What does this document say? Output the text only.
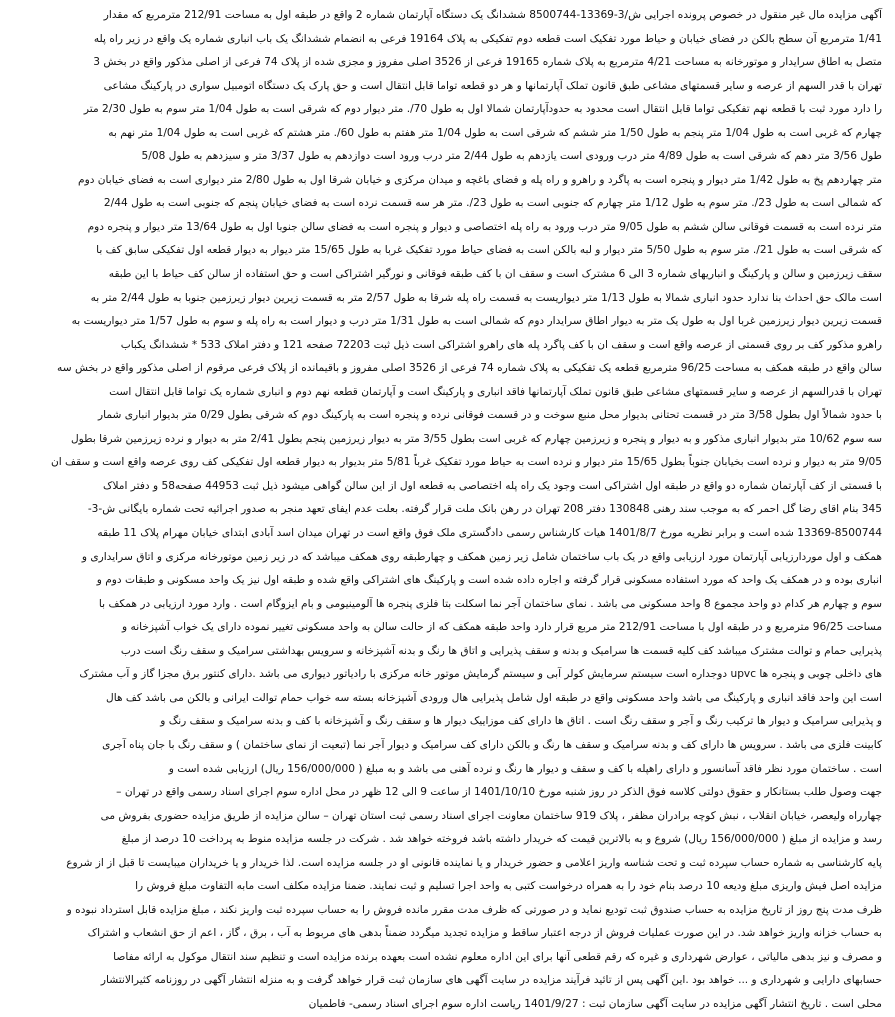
آگهی مزایده مال غیر منقول در خصوص پرونده اجرایی ش/3-13369-8500744 ششدانگ یک دستگاه آپارتمان شماره 2 واقع در طبقه اول به مساحت 212/91 مترمربع که مقدار
1/41 مترمربع آن سطح بالکن در فضای خیابان و حیاط مورد تفکیک است قطعه دوم تفکیکی به پلاک 19164 فرعی به انضمام ششدانگ یک باب انباری شماره یک واقع در زیر راه پله
متصل به اطاق سرایدار و موتورخانه به مساحت 4/21 مترمربع به پلاک شماره 19165 فرعی از 3526 اصلی مفروز و مجزی شده از پلاک 74 فرعی از اصلی مذکور واقع در بخش 3
تهران با قدر السهم از عرصه و سایر قسمتهای مشاعی طبق قانون تملک آپارتمانها و هر دو قطعه تواما قابل انتقال است و حق پارک یک دستگاه اتومبیل سواری در پارکینگ مشاعی
را دارد مورد ثبت با قطعه نهم تفکیکی تواما قابل انتقال است محدود به حدودآپارتمان شمالا اول به طول 70/. متر دیوار دوم که شرقی است به طول 1/04 متر سوم به طول 2/30 متر
چهارم که غربی است به طول 1/04 متر پنجم به طول 1/50 متر ششم که شرقی است به طول 1/04 متر هفتم به طول 60/. متر هشتم که غربی است به طول 1/04 متر نهم به
طول 3/56 متر دهم که شرقی است به طول 4/89 متر درب ورودی است یازدهم به طول 2/44 متر درب ورود است دوازدهم به طول 3/37 متر و سیزدهم به طول 5/08
متر چهاردهم پخ به طول 1/42 متر دیوار و پنجره است به پاگرد و راهرو و راه پله و فضای باغچه و میدان مرکزی و خیابان شرقا اول به طول 2/80 متر دیواری است به فضای خیابان دوم
که شمالی است به طول 23/. متر سوم به طول 1/12 متر چهارم که جنوبی است به طول 23/. متر هر سه قسمت نرده است به فضای خیابان پنجم که جنوبی است به طول 2/44
متر نرده است به قسمت فوقانی سالن ششم به طول 9/05 متر درب ورود به راه پله اختصاصی و دیوار و پنجره است به فضای سالن جنوبا اول به طول 13/64 متر دیوار و پنجره دوم
که شرقی است به طول 21/. متر سوم به طول 5/50 متر دیوار و لبه بالکن است به فضای حیاط مورد تفکیک غربا به طول 15/65 متر دیوار به دیوار قطعه اول تفکیکی سابق کف با
سقف زیرزمین و سالن و پارکینگ و انباریهای شماره 3 الی 6 مشترک است و سقف ان با کف طبقه فوقانی و نورگیر اشتراکی است و حق استفاده از سالن کف حیاط با این طبقه
است مالک حق احداث بنا ندارد حدود انباری شمالا به طول 1/13 متر دیواریست به قسمت راه پله شرقا به طول 2/57 متر به قسمت زیرین دیوار زیرزمین جنوبا به طول 2/44 متر به
قسمت زیرین دیوار زیرزمین غربا اول به طول یک متر به دیوار اطاق سرایدار دوم که شمالی است به طول 1/31 متر درب و دیوار است به راه پله و سوم به طول 1/57 متر دیواریست به
راهرو مذکور کف بر روی قسمتی از عرصه واقع است و سقف ان با کف پاگرد پله های راهرو اشتراکی است ذیل ثبت 72203 صفحه 121 و دفتر املاک 533 * ششدانگ یکباب
سالن واقع در طبقه همکف به مساحت 96/25 مترمربع قطعه یک تفکیکی به پلاک شماره 74 فرعی از 3526 اصلی مفروز و باقیمانده از پلاک فرعی مرقوم از اصلی مذکور واقع در بخش سه
تهران با قدرالسهم از عرصه و سایر قسمتهای مشاعی طبق قانون تملک آپارتمانها فاقد انباری و پارکینگ است و آپارتمان قطعه نهم دوم و انباری شماره یک تواما قابل انتقال است
با حدود شمالاً اول بطول 3/58 متر در قسمت تحتانی بدیوار محل منبع سوخت و در قسمت فوقانی نرده و پنجره است به پارکینگ دوم که شرقی بطول 0/29 متر بدیوار انباری شمار
سه سوم 10/62 متر بدیوار انباری مذکور و به دیوار و پنجره و زیرزمین چهارم که غربی است بطول 3/55 متر به دیوار زیرزمین پنجم بطول 2/41 متر به دیوار و نرده زیرزمین شرقا بطول
9/05 متر به دیوار و نرده است بخیابان جنوباً بطول 15/65 متر دیوار و نرده است به حیاط مورد تفکیک غرباً 5/81 متر بدیوار به دیوار قطعه اول تفکیکی کف روی عرصه واقع است و سقف ان
با قسمتی از کف آپارتمان شماره دو واقع در طبقه اول اشتراکی است وجود یک راه پله اختصاصی به قطعه اول از این سالن گواهی میشود ذیل ثبت 44953 صفحه58 و دفتر املاک
345 بنام اقای رضا گل احمر که به موجب سند رهنی 130848 دفتر 208 تهران در رهن بانک ملت قرار گرفته. بعلت عدم ایفای تعهد منجر به صدور اجرائیه تحت شماره بایگانی ش-3-
13369-8500744 شده است و برابر نظریه مورخ 1401/8/7 هیات کارشناس رسمی دادگستری ملک فوق واقع است در تهران میدان اسد آبادی ابتدای خیابان مهرام پلاک 11 طبقه
همکف و اول موردارزیابی آپارتمان مورد ارزیابی واقع در یک باب ساختمان شامل زیر زمین همکف و چهارطبقه روی همکف میباشد که در زیر زمین موتورخانه مرکزی و اتاق سرایداری و
انباری بوده و در همکف یک واحد که مورد استفاده مسکونی قرار گرفته و اجاره داده شده است و پارکینگ های اشتراکی واقع شده و طبقه اول نیز یک واحد مسکونی و طبقات دوم و
سوم و چهارم هر کدام دو واحد مجموع 8 واحد مسکونی می باشد . نمای ساختمان آجر نما اسکلت بتا فلزی پنجره ها آلومینیومی و بام ایزوگام است . وارد مورد ارزیابی در همکف با
مساحت 96/25 مترمربع و در طبقه اول با مساحت 212/91 متر مربع قرار دارد واحد طبقه همکف که از حالت سالن به واحد مسکونی تغییر نموده دارای یک خواب آشپزخانه و
پذیرایی حمام و توالت مشترک میباشد کف کلیه قسمت ها سرامیک و بدنه و سقف پذیرایی و اتاق ها رنگ و بدنه آشپزخانه و سرویس بهداشتی سرامیک و سقف رنگ است درب
های داخلی چوبی و پنجره ها upvc دوجداره است سیستم سرمایش کولر آبی و سیستم گرمایش موتور خانه مرکزی با رادیاتور دیواری می باشد .دارای کنتور برق مجزا گاز و آب مشترک
است این واحد فاقد انباری و پارکینگ می باشد واحد مسکونی واقع در طبقه اول شامل پذیرایی هال ورودی آشپزخانه بسته سه خواب حمام توالت ایرانی و بالکن می باشد کف هال
و پذیرایی سرامیک و دیوار ها ترکیب رنگ و آجر و سقف رنگ است . اتاق ها دارای کف موزاییک دیوار ها و سقف رنگ و آشپزخانه با کف و بدنه سرامیک و سقف رنگ و
کابینت فلزی می باشد . سرویس ها دارای کف و بدنه سرامیک و سقف ها رنگ و بالکن دارای کف سرامیک و دیوار آجر نما (تبعیت از نمای ساختمان ) و سقف رنگ با جان پناه آجری
است . ساختمان مورد نظر فاقد آسانسور و دارای راهپله با کف و سقف و دیوار ها رنگ و نرده آهنی می باشد و به مبلغ ( 156/000/000 ریال) ارزیابی شده است و
جهت وصول طلب بستانکار و حقوق دولتی کلاسه فوق الذکر در روز شنبه مورخ 1401/10/10 از ساعت 9 الی 12 ظهر در محل اداره سوم اجرای اسناد رسمی واقع در تهران –
چهارراه ولیعصر، خیابان انقلاب ، نبش کوچه برادران مظفر ، پلاک 919 ساختمان معاونت اجرای اسناد رسمی ثبت استان تهران – سالن مزایده از طریق مزایده حضوری بفروش می
رسد و مزایده از مبلغ ( 156/000/000 ریال) شروع و به بالاترین قیمت که خریدار داشته باشد فروخته خواهد شد . شرکت در جلسه مزایده منوط به پرداخت 10 درصد از مبلغ
پایه کارشناسی به شماره حساب سپرده ثبت و تحت شناسه واریز اعلامی و حضور خریدار و یا نماینده قانونی او در جلسه مزایده است. لذا خریدار و یا خریداران میبایست تا قبل از از شروع
مزایده اصل فیش واریزی مبلغ ودیعه 10 درصد بنام خود را به همراه درخواست کتبی به واحد اجرا تسلیم و ثبت نمایند. ضمنا مزایده مکلف است مابه التفاوت مبلغ فروش را
ظرف مدت پنج روز از تاریخ مزایده به حساب صندوق ثبت تودیع نماید و در صورتی که ظرف مدت مقرر مانده فروش را به حساب سپرده ثبت واریز نکند ، مبلغ مزایده قابل استرداد نبوده و
به حساب خزانه واریز خواهد شد. در این صورت عملیات فروش از درجه اعتبار ساقط و مزایده تجدید میگردد ضمناً بدهی های مربوط به آب ، برق ، گاز ، اعم از حق انشعاب و اشتراک
و مصرف و نیز بدهی مالیاتی ، عوارض شهرداری و غیره که رقم قطعی آنها برای این اداره معلوم نشده است بعهده برنده مزایده است و تنظیم سند انتقال موکول به ارائه مفاصا
حسابهای دارایی و شهرداری و ... خواهد بود .این آگهی پس از تائید فرآیند مزایده در سایت آگهی های سازمان ثبت قرار خواهد گرفت و به منزله انتشار آگهی در روزنامه کثیرالانتشار
محلی است . تاریخ انتشار آگهی مزایده در سایت آگهی سازمان ثبت : 1401/9/27 ریاست اداره سوم اجرای اسناد رسمی- فاطمیان
